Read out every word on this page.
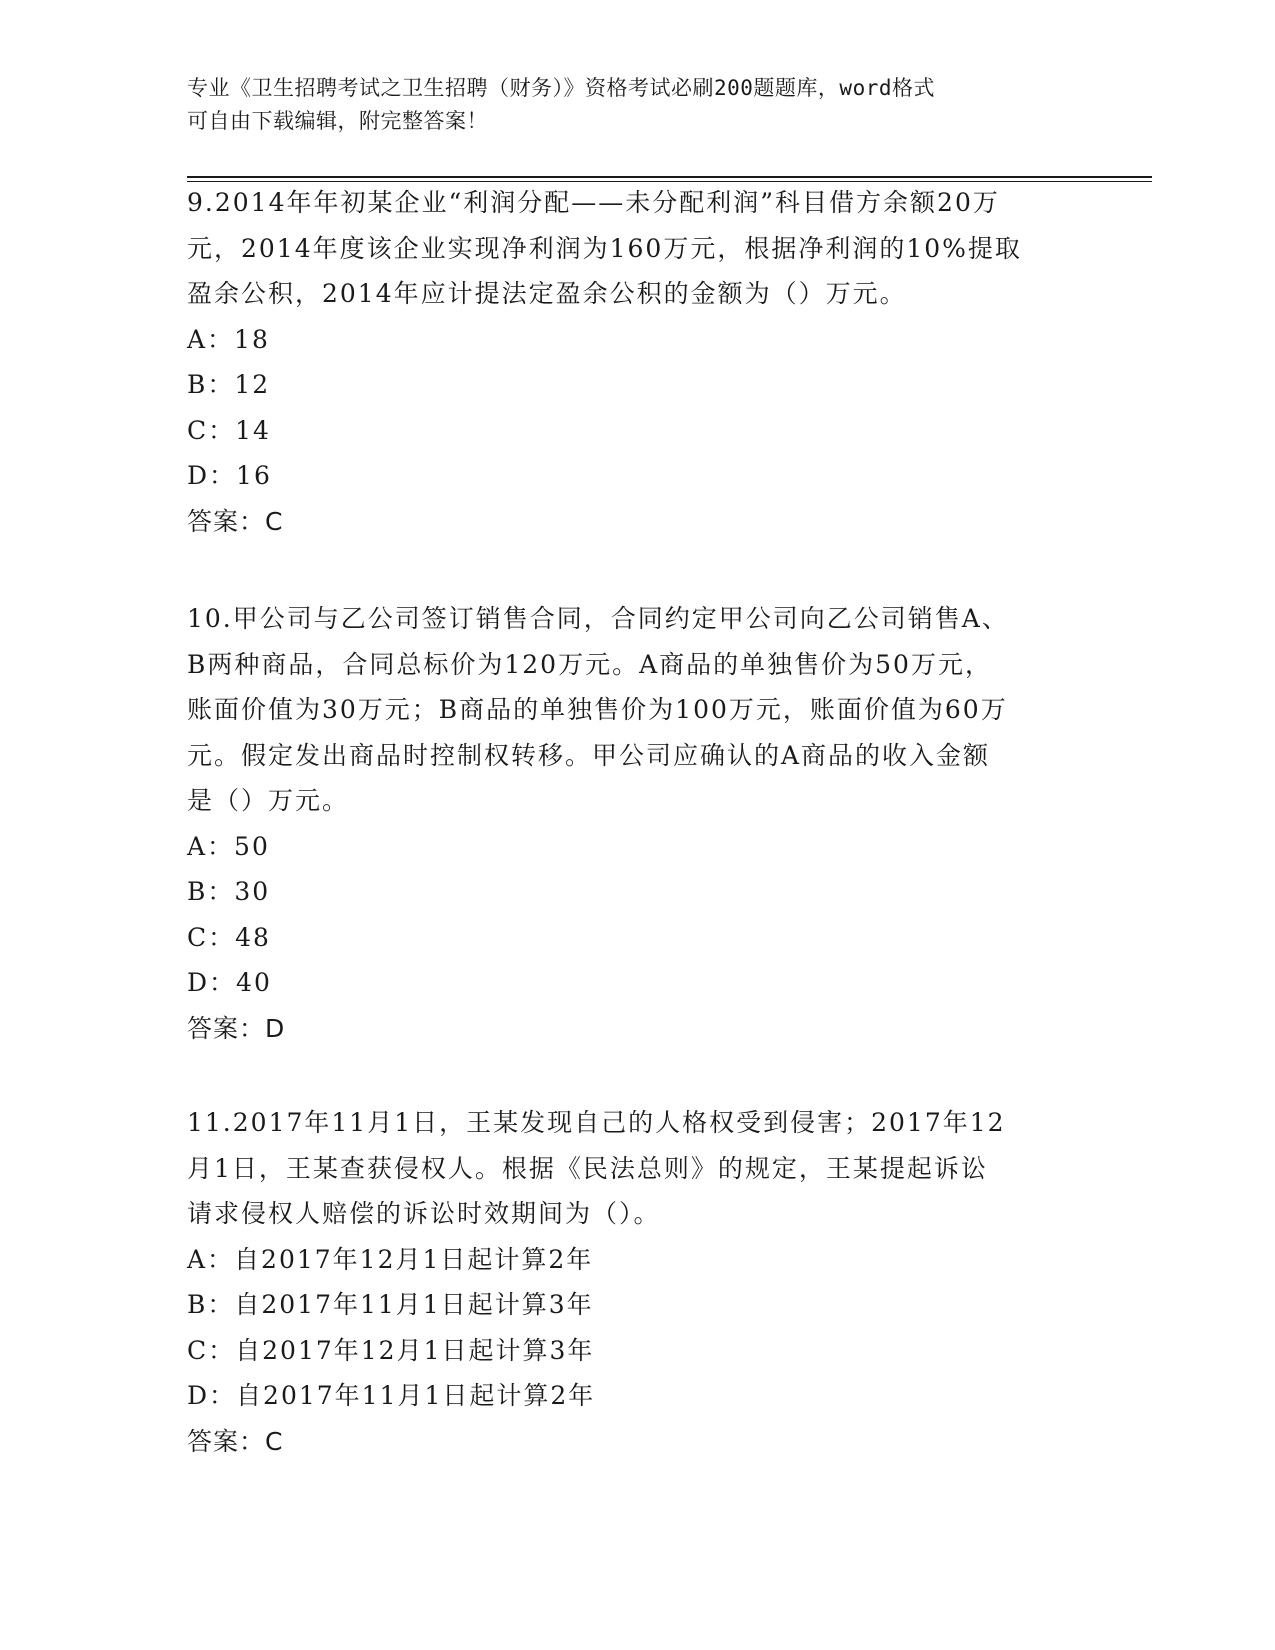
专业《卫生招聘考试之卫生招聘（财务）》资格考试必刷200题题库，word格式
可自由下载编辑，附完整答案！
9.2014年年初某企业“利润分配——未分配利润”科目借方余额20万
元，2014年度该企业实现净利润为160万元，根据净利润的10%提取
盈余公积，2014年应计提法定盈余公积的金额为（）万元。
A：18
B：12
C：14
D：16
答案：C
10.甲公司与乙公司签订销售合同，合同约定甲公司向乙公司销售A、
B两种商品，合同总标价为120万元。A商品的单独售价为50万元，
账面价值为30万元；B商品的单独售价为100万元，账面价值为60万
元。假定发出商品时控制权转移。甲公司应确认的A商品的收入金额
是（）万元。
A：50
B：30
C：48
D：40
答案：D
11.2017年11月1日，王某发现自己的人格权受到侵害；2017年12
月1日，王某查获侵权人。根据《民法总则》的规定，王某提起诉讼
请求侵权人赔偿的诉讼时效期间为（）。
A：自2017年12月1日起计算2年
B：自2017年11月1日起计算3年
C：自2017年12月1日起计算3年
D：自2017年11月1日起计算2年
答案：C
